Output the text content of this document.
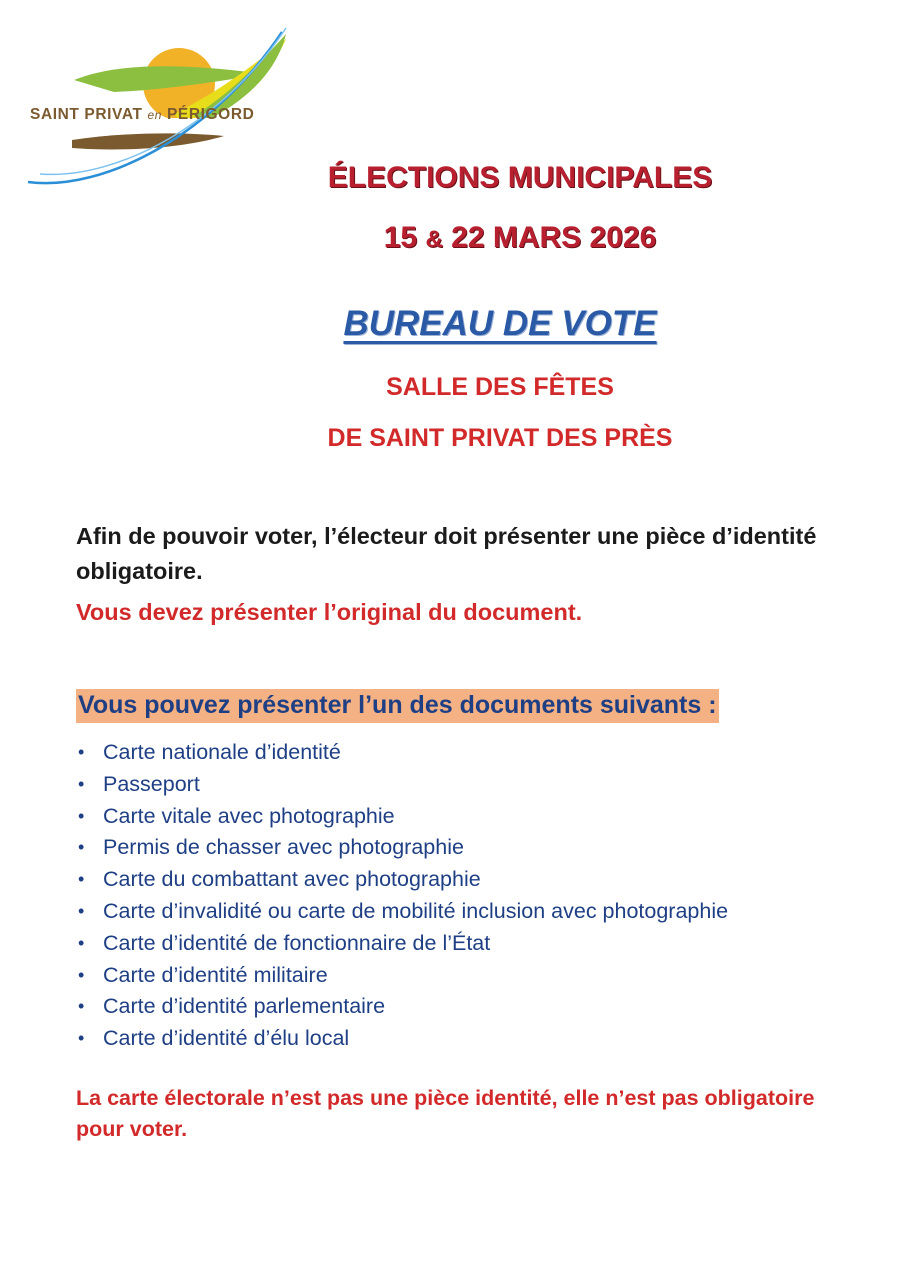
SAINT PRIVAT en PÉRIGORD
ÉLECTIONS MUNICIPALES
15 & 22 MARS 2026
BUREAU DE VOTE
SALLE DES FÊTES
DE SAINT PRIVAT DES PRÈS

Afin de pouvoir voter, l’électeur doit présenter une pièce d’identité obligatoire.

Vous devez présenter l’original du document.
Vous pouvez présenter l’un des documents suivants :
• Carte nationale d’identité
• Passeport
• Carte vitale avec photographie
• Permis de chasser avec photographie
• Carte du combattant avec photographie
• Carte d’invalidité ou carte de mobilité inclusion avec photographie
• Carte d’identité de fonctionnaire de l’État
• Carte d’identité militaire
• Carte d’identité parlementaire
• Carte d’identité d’élu local

La carte électorale n’est pas une pièce identité, elle n’est pas obligatoire pour voter.
